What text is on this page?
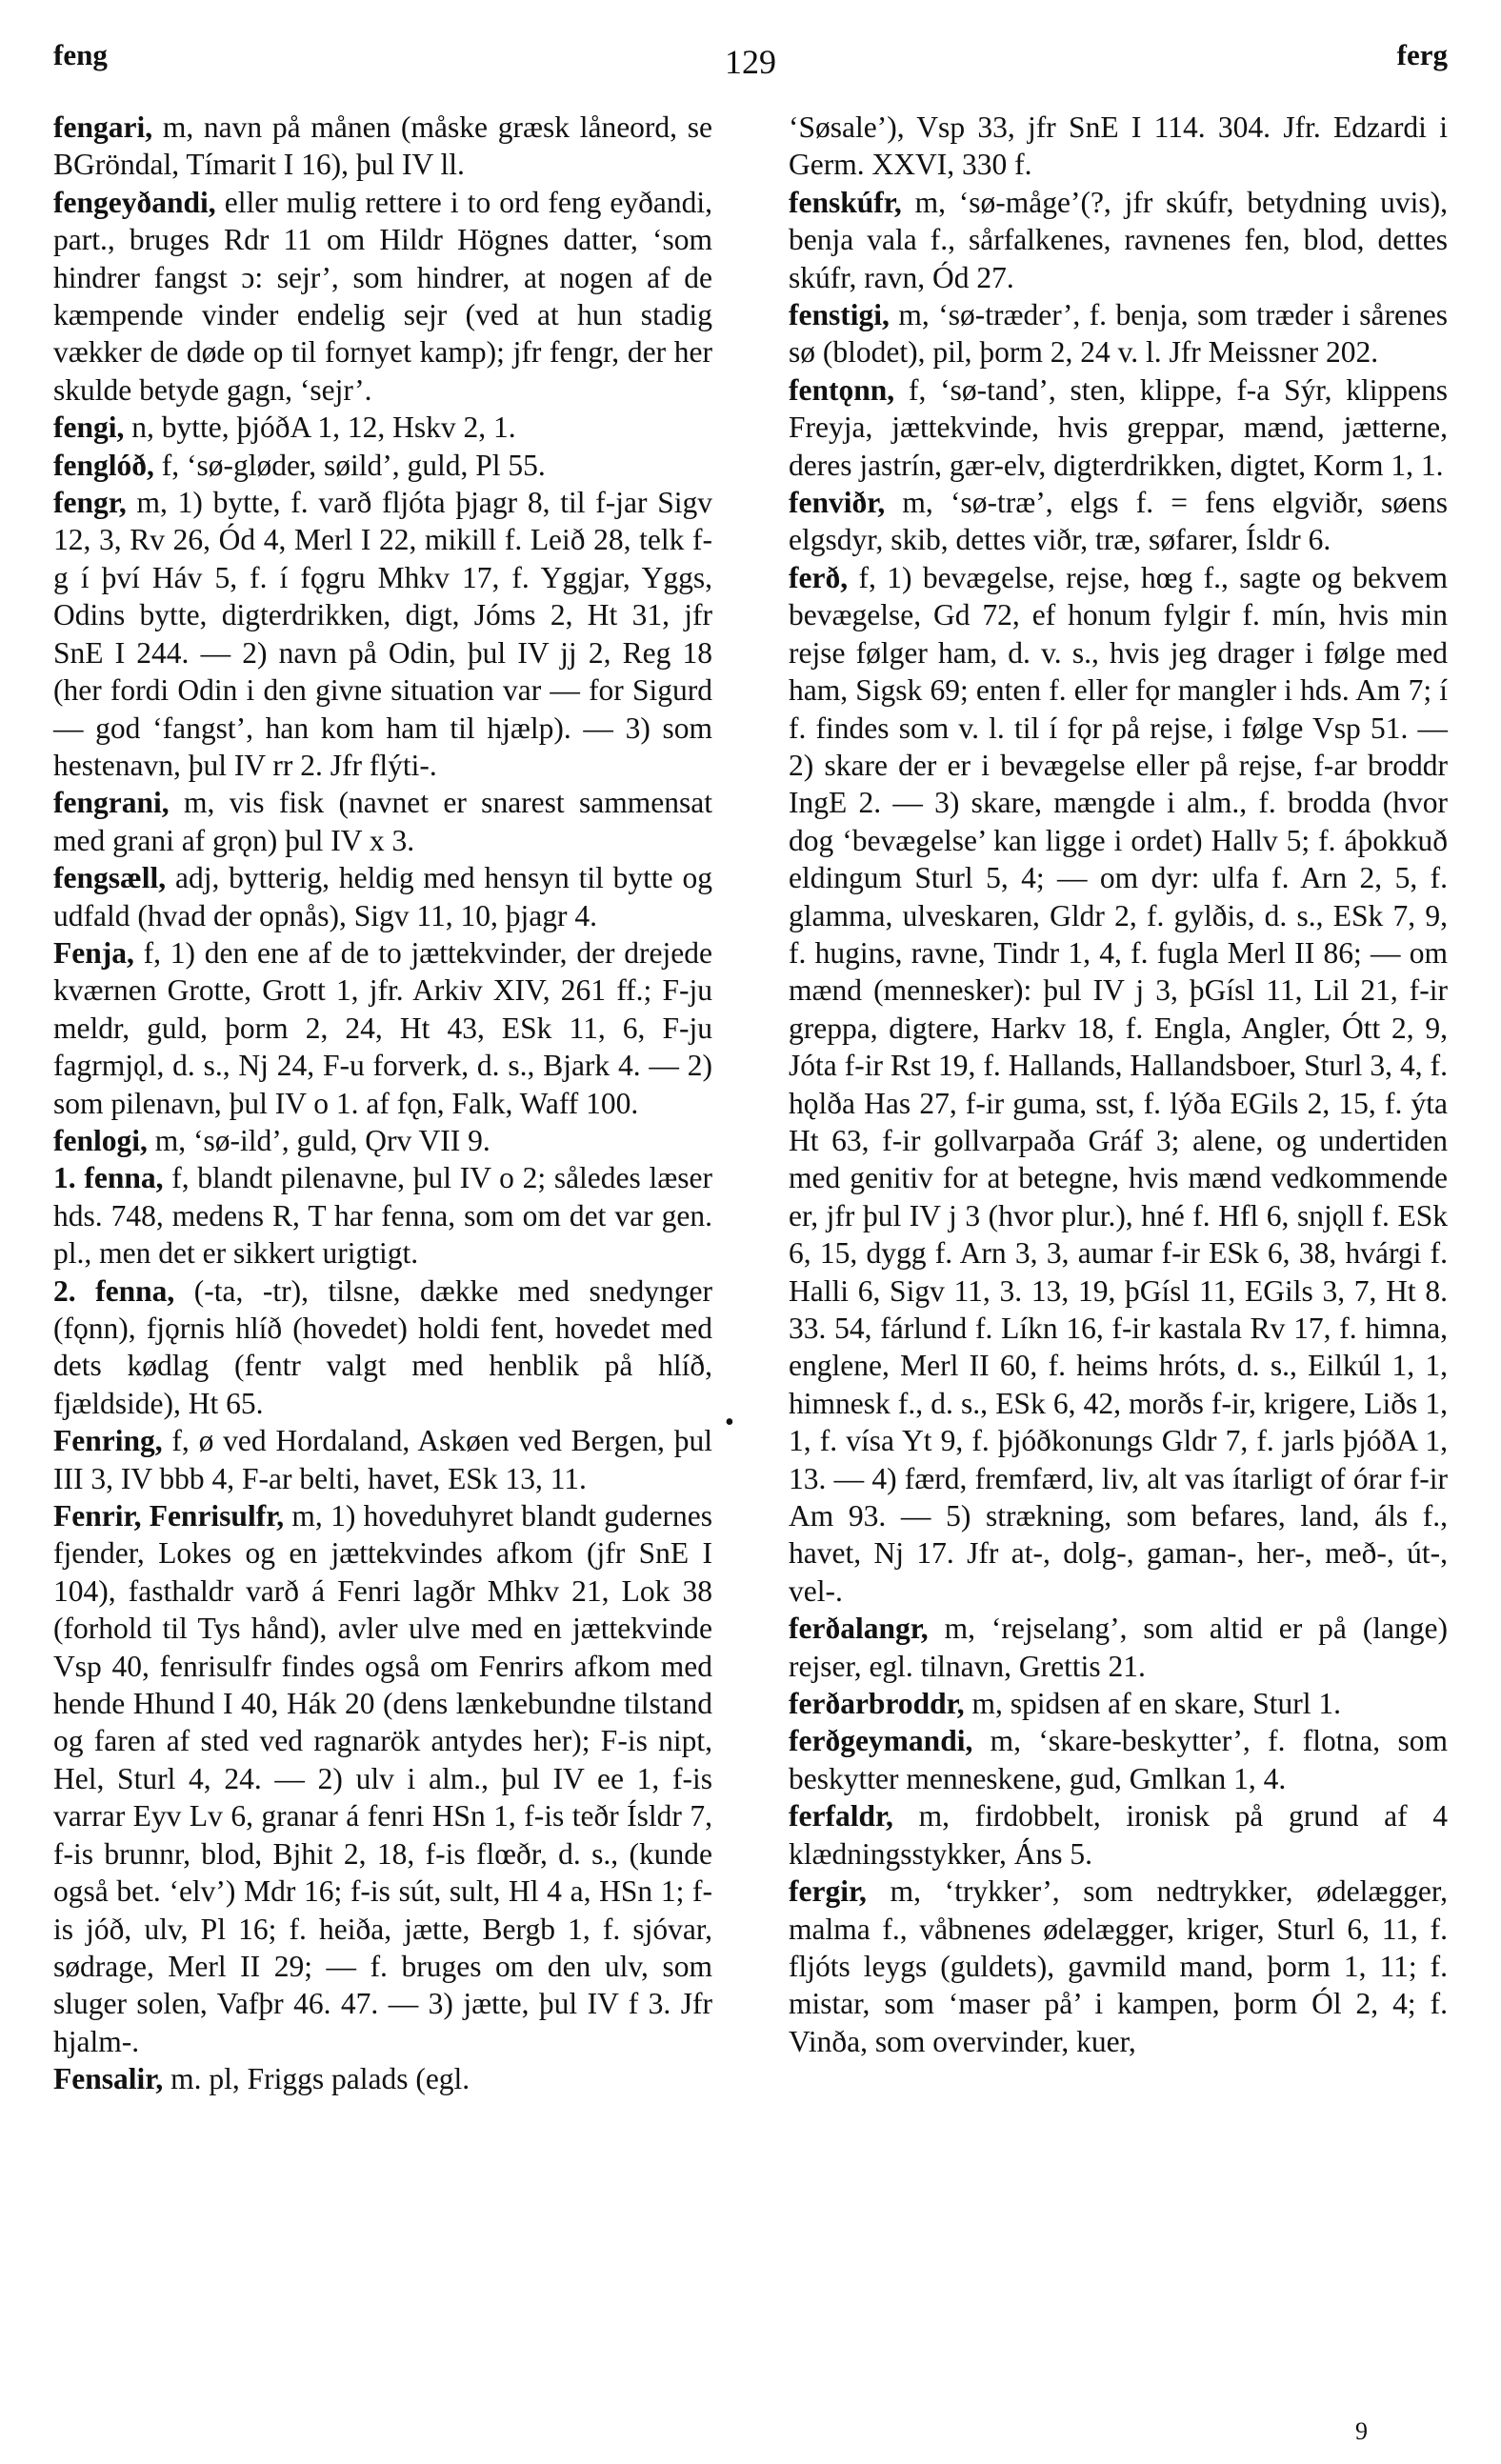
feng	129	ferg

fengari, m, navn på månen (måske græsk låneord, se BGröndal, Tímarit I 16), þul IV ll.

fengeyðandi, eller mulig rettere i to ord feng eyðandi, part., bruges Rdr 11 om Hildr Högnes datter, ‘som hindrer fangst ɔ: sejr’, som hindrer, at nogen af de kæmpende vinder endelig sejr (ved at hun stadig vækker de døde op til fornyet kamp); jfr fengr, der her skulde betyde gagn, ‘sejr’.

fengi, n, bytte, þjóðA 1, 12, Hskv 2, 1.

fenglóð, f, ‘sø-gløder, søild’, guld, Pl 55.

fengr, m, 1) bytte, f. varð fljóta þjagr 8, til f-jar Sigv 12, 3, Rv 26, Ód 4, Merl I 22, mikill f. Leið 28, telk f-g í því Háv 5, f. í fǫgru Mhkv 17, f. Yggjar, Yggs, Odins bytte, digterdrikken, digt, Jóms 2, Ht 31, jfr SnE I 244. — 2) navn på Odin, þul IV jj 2, Reg 18 (her fordi Odin i den givne situation var — for Sigurd — god ‘fangst’, han kom ham til hjælp). — 3) som hestenavn, þul IV rr 2. Jfr flýti-.

fengrani, m, vis fisk (navnet er snarest sammensat med grani af grǫn) þul IV x 3.

fengsæll, adj, bytterig, heldig med hensyn til bytte og udfald (hvad der opnås), Sigv 11, 10, þjagr 4.

Fenja, f, 1) den ene af de to jættekvinder, der drejede kværnen Grotte, Grott 1, jfr. Arkiv XIV, 261 ff.; F-ju meldr, guld, þorm 2, 24, Ht 43, ESk 11, 6, F-ju fagrmjǫl, d. s., Nj 24, F-u forverk, d. s., Bjark 4. — 2) som pilenavn, þul IV o 1. af fǫn, Falk, Waff 100.

fenlogi, m, ‘sø-ild’, guld, Ǫrv VII 9.

1. fenna, f, blandt pilenavne, þul IV o 2; således læser hds. 748, medens R, T har fenna, som om det var gen. pl., men det er sikkert urigtigt.

2. fenna, (-ta, -tr), tilsne, dække med snedynger (fǫnn), fjǫrnis hlíð (hovedet) holdi fent, hovedet med dets kødlag (fentr valgt med henblik på hlíð, fjældside), Ht 65.

Fenring, f, ø ved Hordaland, Askøen ved Bergen, þul III 3, IV bbb 4, F-ar belti, havet, ESk 13, 11.

Fenrir, Fenrisulfr, m, 1) hoveduhyret blandt gudernes fjender, Lokes og en jættekvindes afkom (jfr SnE I 104), fasthaldr varð á Fenri lagðr Mhkv 21, Lok 38 (forhold til Tys hånd), avler ulve med en jættekvinde Vsp 40, fenrisulfr findes også om Fenrirs afkom med hende Hhund I 40, Hák 20 (dens lænkebundne tilstand og faren af sted ved ragnarök antydes her); F-is nipt, Hel, Sturl 4, 24. — 2) ulv i alm., þul IV ee 1, f-is varrar Eyv Lv 6, granar á fenri HSn 1, f-is teðr Ísldr 7, f-is brunnr, blod, Bjhit 2, 18, f-is flœðr, d. s., (kunde også bet. ‘elv’) Mdr 16; f-is sút, sult, Hl 4 a, HSn 1; f-is jóð, ulv, Pl 16; f. heiða, jætte, Bergb 1, f. sjóvar, sødrage, Merl II 29; — f. bruges om den ulv, som sluger solen, Vafþr 46. 47. — 3) jætte, þul IV f 3. Jfr hjalm-.

Fensalir, m. pl, Friggs palads (egl.

‘Søsale’), Vsp 33, jfr SnE I 114. 304. Jfr. Edzardi i Germ. XXVI, 330 f.

fenskúfr, m, ‘sø-måge’(?, jfr skúfr, betydning uvis), benja vala f., sårfalkenes, ravnenes fen, blod, dettes skúfr, ravn, Ód 27.

fenstigi, m, ‘sø-træder’, f. benja, som træder i sårenes sø (blodet), pil, þorm 2, 24 v. l. Jfr Meissner 202.

fentǫnn, f, ‘sø-tand’, sten, klippe, f-a Sýr, klippens Freyja, jættekvinde, hvis greppar, mænd, jætterne, deres jastrín, gær-elv, digterdrikken, digtet, Korm 1, 1.

fenviðr, m, ‘sø-træ’, elgs f. = fens elgviðr, søens elgsdyr, skib, dettes viðr, træ, søfarer, Ísldr 6.

ferð, f, 1) bevægelse, rejse, hœg f., sagte og bekvem bevægelse, Gd 72, ef honum fylgir f. mín, hvis min rejse følger ham, d. v. s., hvis jeg drager i følge med ham, Sigsk 69; enten f. eller fǫr mangler i hds. Am 7; í f. findes som v. l. til í fǫr på rejse, i følge Vsp 51. — 2) skare der er i bevægelse eller på rejse, f-ar broddr IngE 2. — 3) skare, mængde i alm., f. brodda (hvor dog ‘bevægelse’ kan ligge i ordet) Hallv 5; f. áþokkuð eldingum Sturl 5, 4; — om dyr: ulfa f. Arn 2, 5, f. glamma, ulveskaren, Gldr 2, f. gylðis, d. s., ESk 7, 9, f. hugins, ravne, Tindr 1, 4, f. fugla Merl II 86; — om mænd (mennesker): þul IV j 3, þGísl 11, Lil 21, f-ir greppa, digtere, Harkv 18, f. Engla, Angler, Ótt 2, 9, Jóta f-ir Rst 19, f. Hallands, Hallandsboer, Sturl 3, 4, f. hǫlða Has 27, f-ir guma, sst, f. lýða EGils 2, 15, f. ýta Ht 63, f-ir gollvarpaða Gráf 3; alene, og undertiden med genitiv for at betegne, hvis mænd vedkommende er, jfr þul IV j 3 (hvor plur.), hné f. Hfl 6, snjǫll f. ESk 6, 15, dygg f. Arn 3, 3, aumar f-ir ESk 6, 38, hvárgi f. Halli 6, Sigv 11, 3. 13, 19, þGísl 11, EGils 3, 7, Ht 8. 33. 54, fárlund f. Líkn 16, f-ir kastala Rv 17, f. himna, englene, Merl II 60, f. heims hróts, d. s., Eilkúl 1, 1, himnesk f., d. s., ESk 6, 42, morðs f-ir, krigere, Liðs 1, 1, f. vísa Yt 9, f. þjóðkonungs Gldr 7, f. jarls þjóðA 1, 13. — 4) færd, fremfærd, liv, alt vas ítarligt of órar f-ir Am 93. — 5) strækning, som befares, land, áls f., havet, Nj 17. Jfr at-, dolg-, gaman-, her-, með-, út-, vel-.

ferðalangr, m, ‘rejselang’, som altid er på (lange) rejser, egl. tilnavn, Grettis 21.

ferðarbroddr, m, spidsen af en skare, Sturl 1.

ferðgeymandi, m, ‘skare-beskytter’, f. flotna, som beskytter menneskene, gud, Gmlkan 1, 4.

ferfaldr, m, firdobbelt, ironisk på grund af 4 klædningsstykker, Áns 5.

fergir, m, ‘trykker’, som nedtrykker, ødelægger, malma f., våbnenes ødelægger, kriger, Sturl 6, 11, f. fljóts leygs (guldets), gavmild mand, þorm 1, 11; f. mistar, som ‘maser på’ i kampen, þorm Ól 2, 4; f. Vinða, som overvinder, kuer,

•
9
